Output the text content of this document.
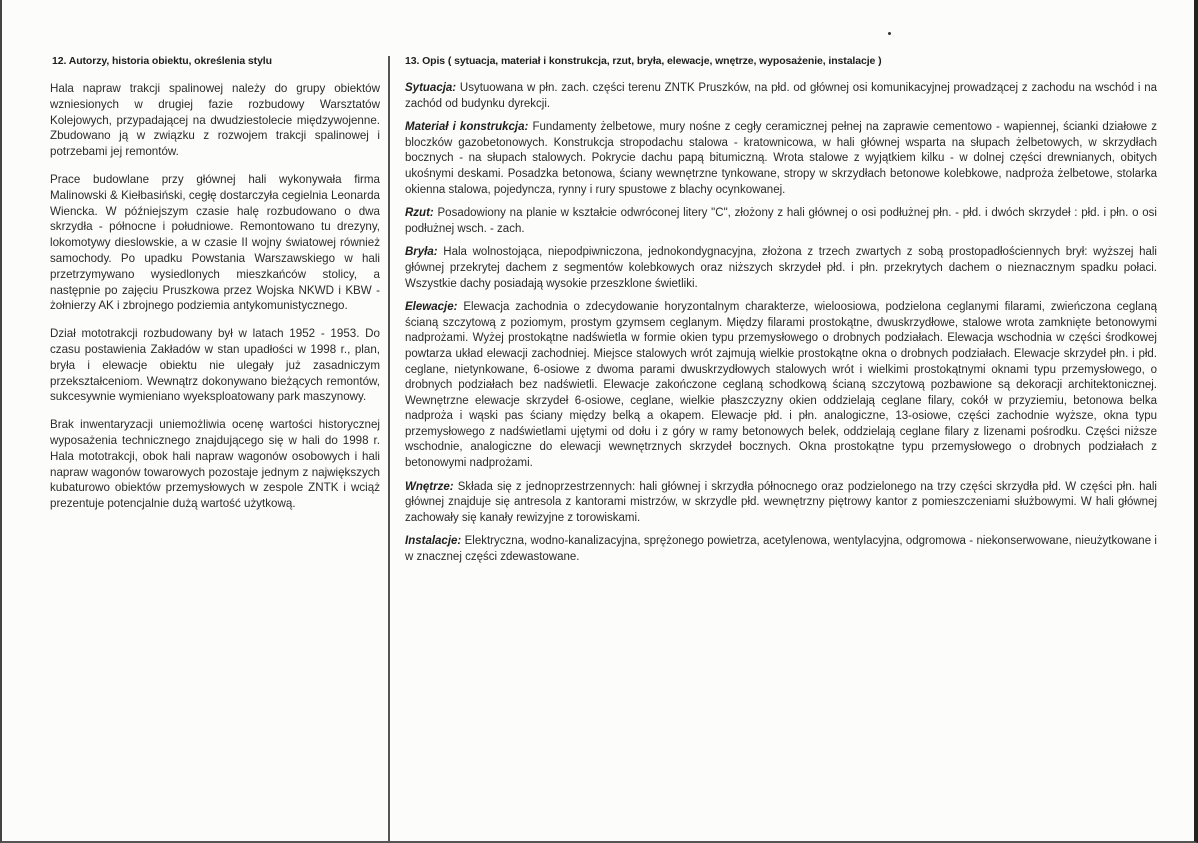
12. Autorzy, historia obiektu, określenia stylu

Hala napraw trakcji spalinowej należy do grupy obiektów wzniesionych w drugiej fazie rozbudowy Warsztatów Kolejowych, przypadającej na dwudziestolecie międzywojenne. Zbudowano ją w związku z rozwojem trakcji spalinowej i potrzebami jej remontów.

Prace budowlane przy głównej hali wykonywała firma Malinowski & Kiełbasiński, cegłę dostarczyła cegielnia Leonarda Wiencka. W późniejszym czasie halę rozbudowano o dwa skrzydła - północne i południowe. Remontowano tu drezyny, lokomotywy dieslowskie, a w czasie II wojny światowej również samochody. Po upadku Powstania Warszawskiego w hali przetrzymywano wysiedlonych mieszkańców stolicy, a następnie po zajęciu Pruszkowa przez Wojska NKWD i KBW - żołnierzy AK i zbrojnego podziemia antykomunistycznego.

Dział mototrakcji rozbudowany był w latach 1952 - 1953. Do czasu postawienia Zakładów w stan upadłości w 1998 r., plan, bryła i elewacje obiektu nie ulegały już zasadniczym przekształceniom. Wewnątrz dokonywano bieżących remontów, sukcesywnie wymieniano wyeksploatowany park maszynowy.

Brak inwentaryzacji uniemożliwia ocenę wartości historycznej wyposażenia technicznego znajdującego się w hali do 1998 r. Hala mototrakcji, obok hali napraw wagonów osobowych i hali napraw wagonów towarowych pozostaje jednym z największych kubaturowo obiektów przemysłowych w zespole ZNTK i wciąż prezentuje potencjalnie dużą wartość użytkową.

13. Opis ( sytuacja, materiał i konstrukcja, rzut, bryła, elewacje, wnętrze, wyposażenie, instalacje )

Sytuacja: Usytuowana w płn. zach. części terenu ZNTK Pruszków, na płd. od głównej osi komunikacyjnej prowadzącej z zachodu na wschód i na zachód od budynku dyrekcji.

Materiał i konstrukcja: Fundamenty żelbetowe, mury nośne z cegły ceramicznej pełnej na zaprawie cementowo - wapiennej, ścianki działowe z bloczków gazobetonowych. Konstrukcja stropodachu stalowa - kratownicowa, w hali głównej wsparta na słupach żelbetowych, w skrzydłach bocznych - na słupach stalowych. Pokrycie dachu papą bitumiczną. Wrota stalowe z wyjątkiem kilku - w dolnej części drewnianych, obitych ukośnymi deskami. Posadzka betonowa, ściany wewnętrzne tynkowane, stropy w skrzydłach betonowe kolebkowe, nadproża żelbetowe, stolarka okienna stalowa, pojedyncza, rynny i rury spustowe z blachy ocynkowanej.

Rzut: Posadowiony na planie w kształcie odwróconej litery "C", złożony z hali głównej o osi podłużnej płn. - płd. i dwóch skrzydeł : płd. i płn. o osi podłużnej wsch. - zach.

Bryła: Hala wolnostojąca, niepodpiwniczona, jednokondygnacyjna, złożona z trzech zwartych z sobą prostopadłościennych brył: wyższej hali głównej przekrytej dachem z segmentów kolebkowych oraz niższych skrzydeł płd. i płn. przekrytych dachem o nieznacznym spadku połaci. Wszystkie dachy posiadają wysokie przeszklone świetliki.

Elewacje: Elewacja zachodnia o zdecydowanie horyzontalnym charakterze, wieloosiowa, podzielona ceglanymi filarami, zwieńczona ceglaną ścianą szczytową z poziomym, prostym gzymsem ceglanym. Między filarami prostokątne, dwuskrzydłowe, stalowe wrota zamknięte betonowymi nadprożami. Wyżej prostokątne nadświetla w formie okien typu przemysłowego o drobnych podziałach. Elewacja wschodnia w części środkowej powtarza układ elewacji zachodniej. Miejsce stalowych wrót zajmują wielkie prostokątne okna o drobnych podziałach. Elewacje skrzydeł płn. i płd. ceglane, nietynkowane, 6-osiowe z dwoma parami dwuskrzydłowych stalowych wrót i wielkimi prostokątnymi oknami typu przemysłowego, o drobnych podziałach bez nadświetli. Elewacje zakończone ceglaną schodkową ścianą szczytową pozbawione są dekoracji architektonicznej. Wewnętrzne elewacje skrzydeł 6-osiowe, ceglane, wielkie płaszczyzny okien oddzielają ceglane filary, cokół w przyziemiu, betonowa belka nadproża i wąski pas ściany między belką a okapem. Elewacje płd. i płn. analogiczne, 13-osiowe, części zachodnie wyższe, okna typu przemysłowego z nadświetlami ujętymi od dołu i z góry w ramy betonowych belek, oddzielają ceglane filary z lizenami pośrodku. Części niższe wschodnie, analogiczne do elewacji wewnętrznych skrzydeł bocznych. Okna prostokątne typu przemysłowego o drobnych podziałach z betonowymi nadprożami.

Wnętrze: Składa się z jednoprzestrzennych: hali głównej i skrzydła północnego oraz podzielonego na trzy części skrzydła płd. W części płn. hali głównej znajduje się antresola z kantorami mistrzów, w skrzydle płd. wewnętrzny piętrowy kantor z pomieszczeniami służbowymi. W hali głównej zachowały się kanały rewizyjne z torowiskami.

Instalacje: Elektryczna, wodno-kanalizacyjna, sprężonego powietrza, acetylenowa, wentylacyjna, odgromowa - niekonserwowane, nieużytkowane i w znacznej części zdewastowane.
